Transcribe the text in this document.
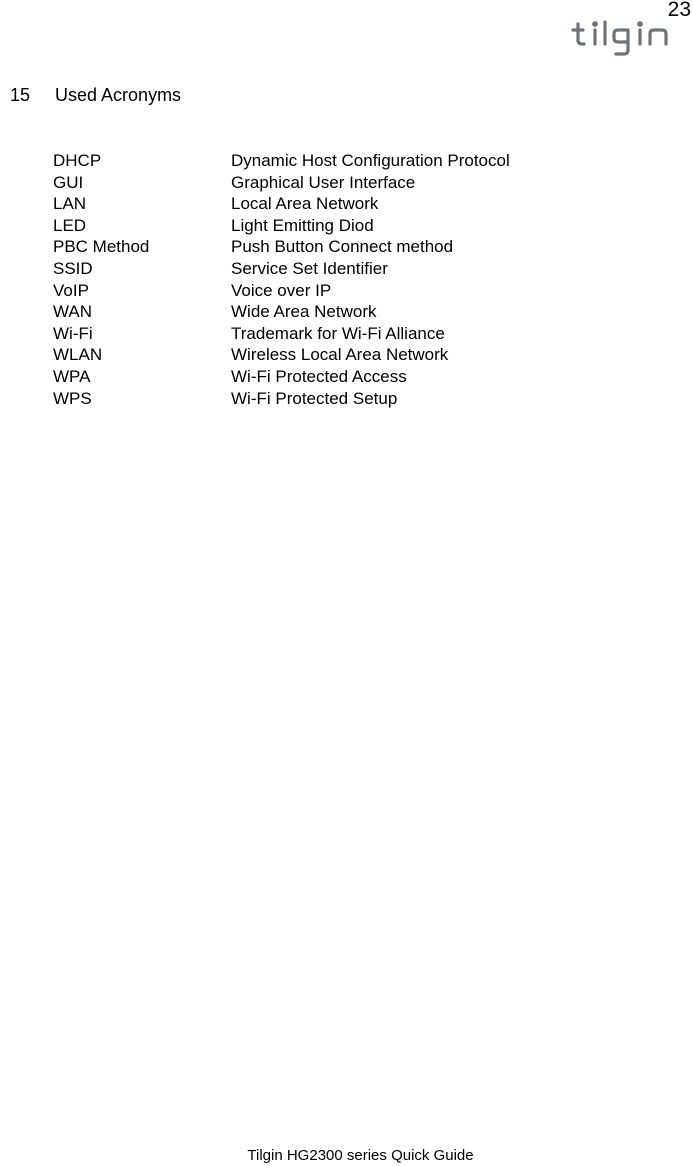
23

15 Used Acronyms

DHCP	Dynamic Host Configuration Protocol
GUI	Graphical User Interface
LAN	Local Area Network
LED	Light Emitting Diod
PBC Method	Push Button Connect method
SSID	Service Set Identifier
VoIP	Voice over IP
WAN	Wide Area Network
Wi-Fi	Trademark for Wi-Fi Alliance
WLAN	Wireless Local Area Network
WPA	Wi-Fi Protected Access
WPS	Wi-Fi Protected Setup
Tilgin HG2300 series Quick Guide
